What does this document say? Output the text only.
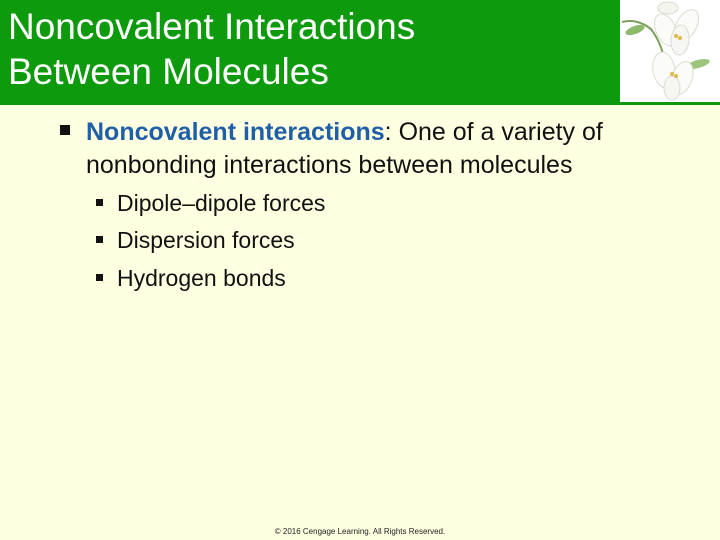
Noncovalent Interactions
Between Molecules
Noncovalent interactions: One of a variety of nonbonding interactions between molecules
Dipole–dipole forces
Dispersion forces
Hydrogen bonds
© 2016 Cengage Learning. All Rights Reserved.
